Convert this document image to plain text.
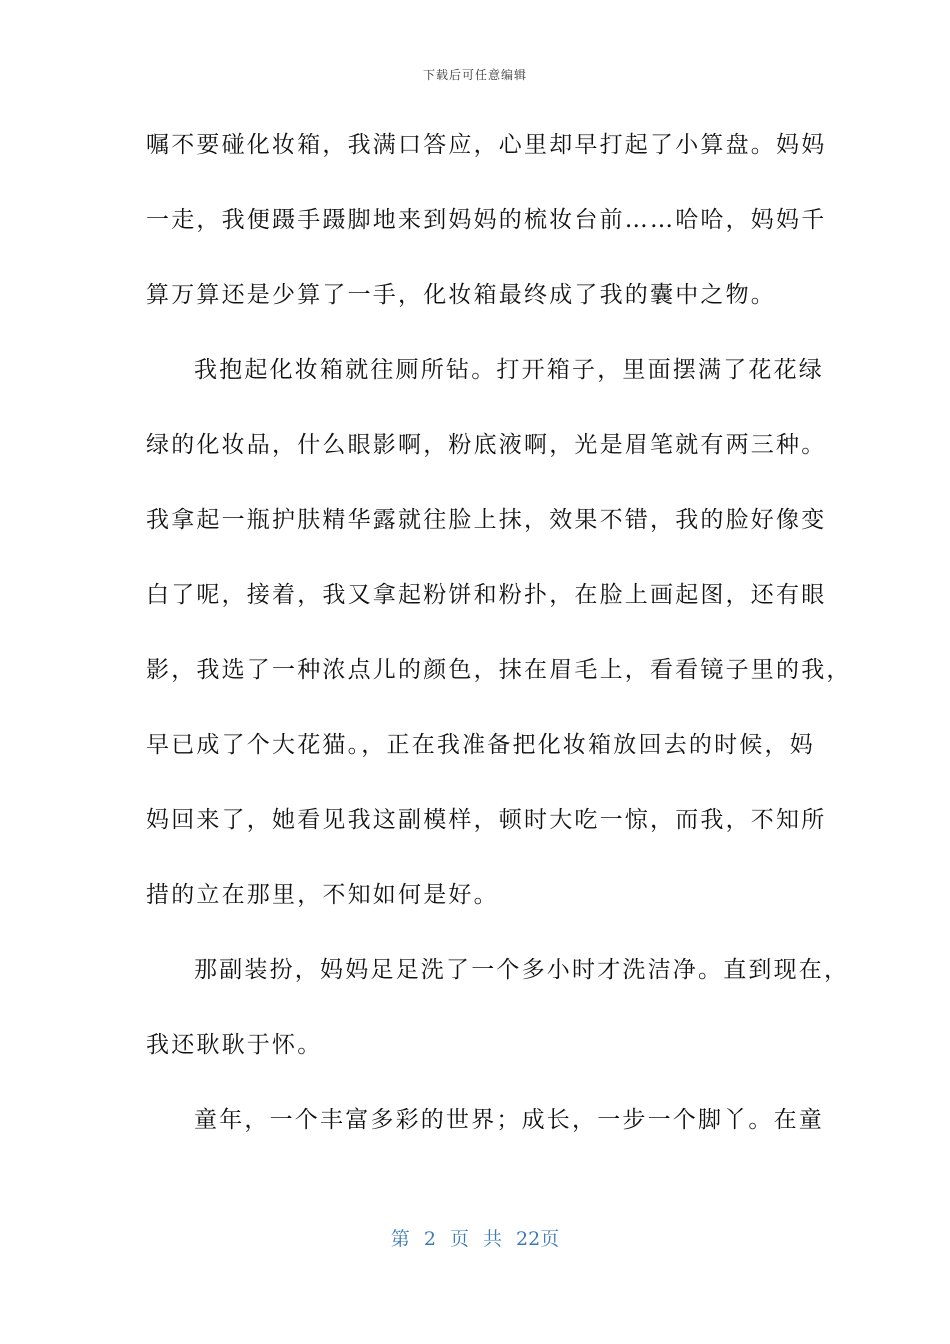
下载后可任意编辑
嘱不要碰化妆箱，我满口答应，心里却早打起了小算盘。妈妈
一走，我便蹑手蹑脚地来到妈妈的梳妆台前……哈哈，妈妈千
算万算还是少算了一手，化妆箱最终成了我的囊中之物。
我抱起化妆箱就往厕所钻。打开箱子，里面摆满了花花绿
绿的化妆品，什么眼影啊，粉底液啊，光是眉笔就有两三种。
我拿起一瓶护肤精华露就往脸上抹，效果不错，我的脸好像变
白了呢，接着，我又拿起粉饼和粉扑，在脸上画起图，还有眼
影，我选了一种浓点儿的颜色，抹在眉毛上，看看镜子里的我，
早已成了个大花猫。，正在我准备把化妆箱放回去的时候，妈
妈回来了，她看见我这副模样，顿时大吃一惊，而我，不知所
措的立在那里，不知如何是好。
那副装扮，妈妈足足洗了一个多小时才洗洁净。直到现在，
我还耿耿于怀。
童年，一个丰富多彩的世界；成长，一步一个脚丫。在童
第 2 页 共 22页
